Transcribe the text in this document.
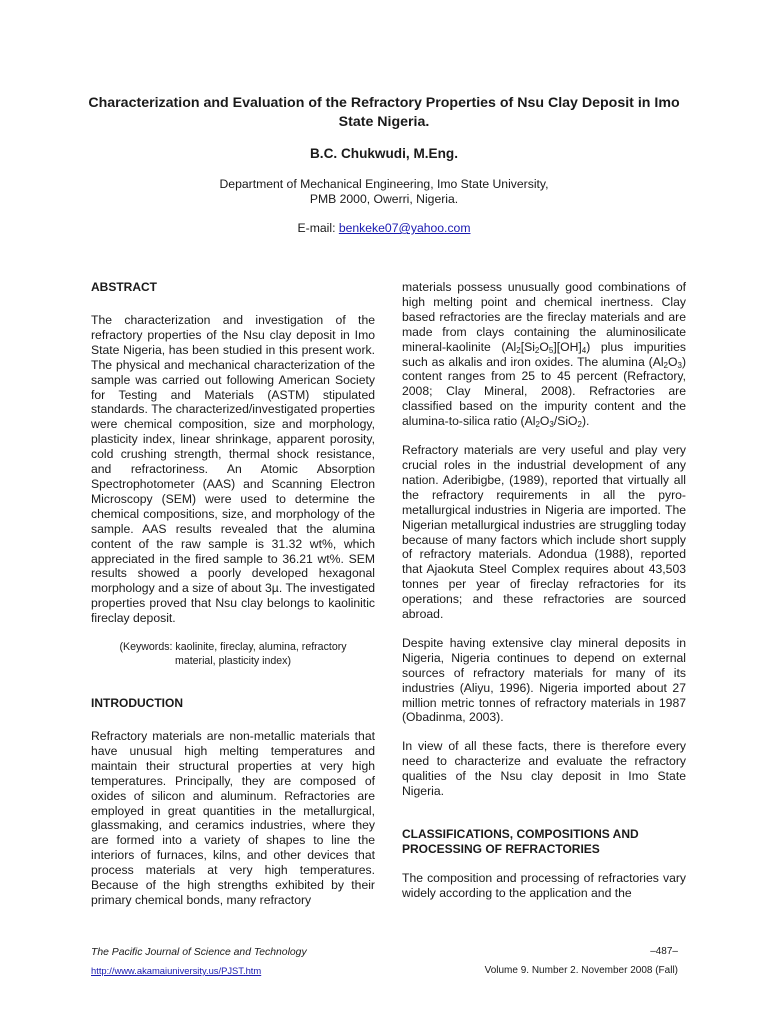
Characterization and Evaluation of the Refractory Properties of Nsu Clay Deposit in Imo State Nigeria.
B.C. Chukwudi, M.Eng.
Department of Mechanical Engineering, Imo State University,
PMB 2000, Owerri, Nigeria.
E-mail: benkeke07@yahoo.com
ABSTRACT

The characterization and investigation of the refractory properties of the Nsu clay deposit in Imo State Nigeria, has been studied in this present work. The physical and mechanical characterization of the sample was carried out following American Society for Testing and Materials (ASTM) stipulated standards. The characterized/investigated properties were chemical composition, size and morphology, plasticity index, linear shrinkage, apparent porosity, cold crushing strength, thermal shock resistance, and refractoriness. An Atomic Absorption Spectrophotometer (AAS) and Scanning Electron Microscopy (SEM) were used to determine the chemical compositions, size, and morphology of the sample. AAS results revealed that the alumina content of the raw sample is 31.32 wt%, which appreciated in the fired sample to 36.21 wt%. SEM results showed a poorly developed hexagonal morphology and a size of about 3µ. The investigated properties proved that Nsu clay belongs to kaolinitic fireclay deposit.

(Keywords: kaolinite, fireclay, alumina, refractory material, plasticity index)

INTRODUCTION

Refractory materials are non-metallic materials that have unusual high melting temperatures and maintain their structural properties at very high temperatures. Principally, they are composed of oxides of silicon and aluminum. Refractories are employed in great quantities in the metallurgical, glassmaking, and ceramics industries, where they are formed into a variety of shapes to line the interiors of furnaces, kilns, and other devices that process materials at very high temperatures. Because of the high strengths exhibited by their primary chemical bonds, many refractory

materials possess unusually good combinations of high melting point and chemical inertness. Clay based refractories are the fireclay materials and are made from clays containing the aluminosilicate mineral-kaolinite $(Al_2[Si_2O_5][OH]_4)$ plus impurities such as alkalis and iron oxides. The alumina $(Al_2O_3)$ content ranges from 25 to 45 percent (Refractory, 2008; Clay Mineral, 2008). Refractories are classified based on the impurity content and the alumina-to-silica ratio $(Al_2O_3/SiO_2)$.

Refractory materials are very useful and play very crucial roles in the industrial development of any nation. Aderibigbe, (1989), reported that virtually all the refractory requirements in all the pyro-metallurgical industries in Nigeria are imported. The Nigerian metallurgical industries are struggling today because of many factors which include short supply of refractory materials. Adondua (1988), reported that Ajaokuta Steel Complex requires about 43,503 tonnes per year of fireclay refractories for its operations; and these refractories are sourced abroad.

Despite having extensive clay mineral deposits in Nigeria, Nigeria continues to depend on external sources of refractory materials for many of its industries (Aliyu, 1996). Nigeria imported about 27 million metric tonnes of refractory materials in 1987 (Obadinma, 2003).

In view of all these facts, there is therefore every need to characterize and evaluate the refractory qualities of the Nsu clay deposit in Imo State Nigeria.

CLASSIFICATIONS, COMPOSITIONS AND PROCESSING OF REFRACTORIES

The composition and processing of refractories vary widely according to the application and the

The Pacific Journal of Science and Technology
http://www.akamaiuniversity.us/PJST.htm
–487–
Volume 9. Number 2. November 2008 (Fall)
